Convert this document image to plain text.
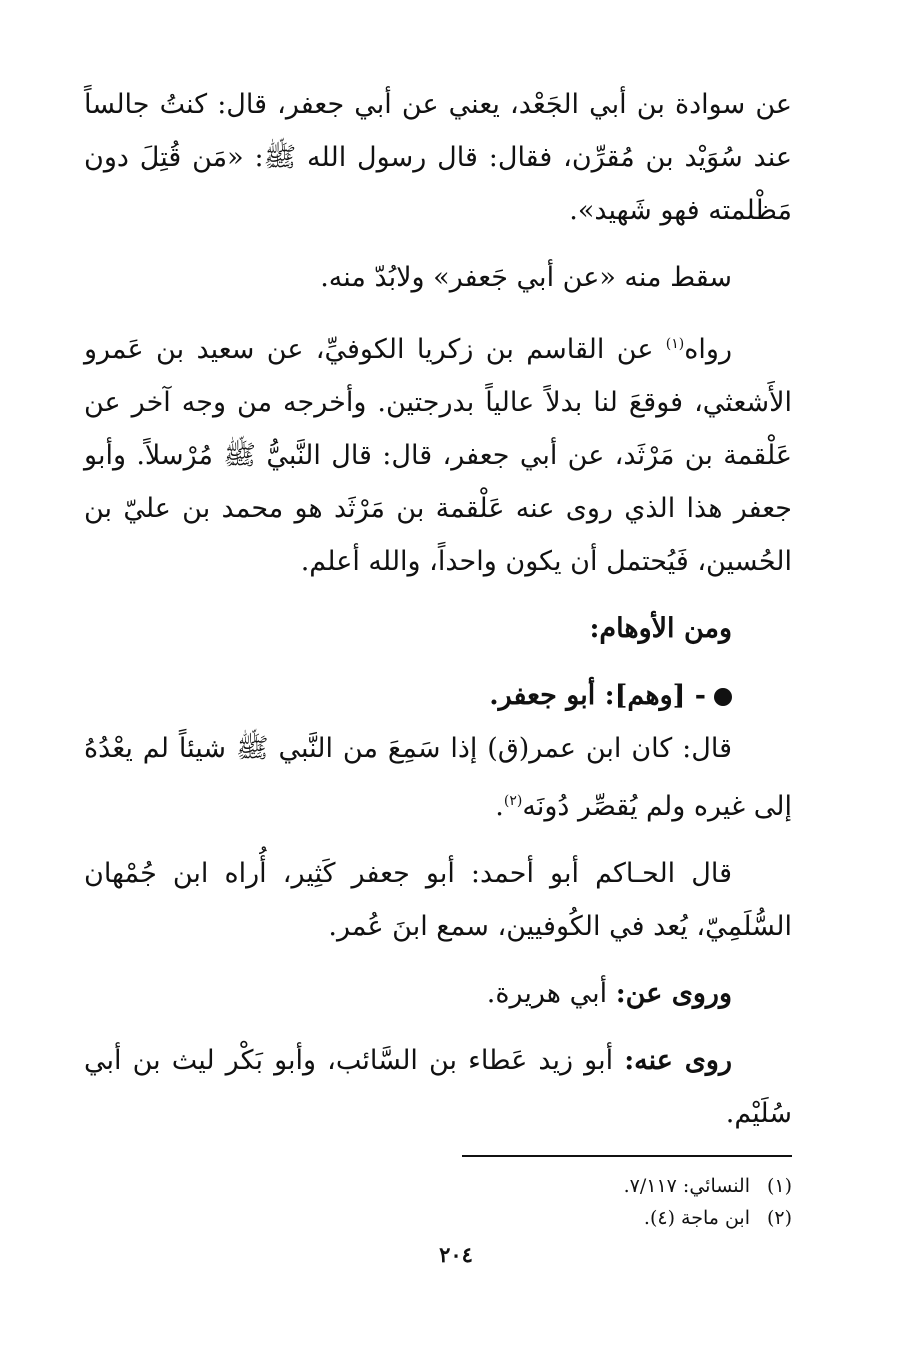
عن سوادة بن أبي الجَعْد، يعني عن أبي جعفر، قال: كنتُ جالساً عند سُوَيْد بن مُقرِّن، فقال: قال رسول الله ﷺ: «مَن قُتِلَ دون مَظْلمته فهو شَهيد».

سقط منه «عن أبي جَعفر» ولابُدّ منه.

رواه$^{(١)}$ عن القاسم بن زكريا الكوفيِّ، عن سعيد بن عَمرو الأَشعثي، فوقعَ لنا بدلاً عالياً بدرجتين. وأخرجه من وجه آخر عن عَلْقمة بن مَرْثَد، عن أبي جعفر، قال: قال النَّبيُّ ﷺ مُرْسلاً. وأبو جعفر هذا الذي روى عنه عَلْقمة بن مَرْثَد هو محمد بن عليّ بن الحُسين، فَيُحتمل أن يكون واحداً، والله أعلم.

ومن الأوهام:

- [وهم]: أبو جعفر.

قال: كان ابن عمر(ق) إذا سَمِعَ من النَّبي ﷺ شيئاً لم يعْدُهُ إلى غيره ولم يُقصِّر دُونَه$^{(٢)}$.

قال الحـاكم أبو أحمد: أبو جعفر كَثِير، أُراه ابن جُمْهان السُّلَمِيّ، يُعد في الكُوفيين، سمع ابنَ عُمر.

وروى عن: أبي هريرة.

روى عنه: أبو زيد عَطاء بن السَّائب، وأبو بَكْر ليث بن أبي سُلَيْم.

(١)النسائي: ٧/١١٧.
(٢)ابن ماجة (٤).
٢٠٤
